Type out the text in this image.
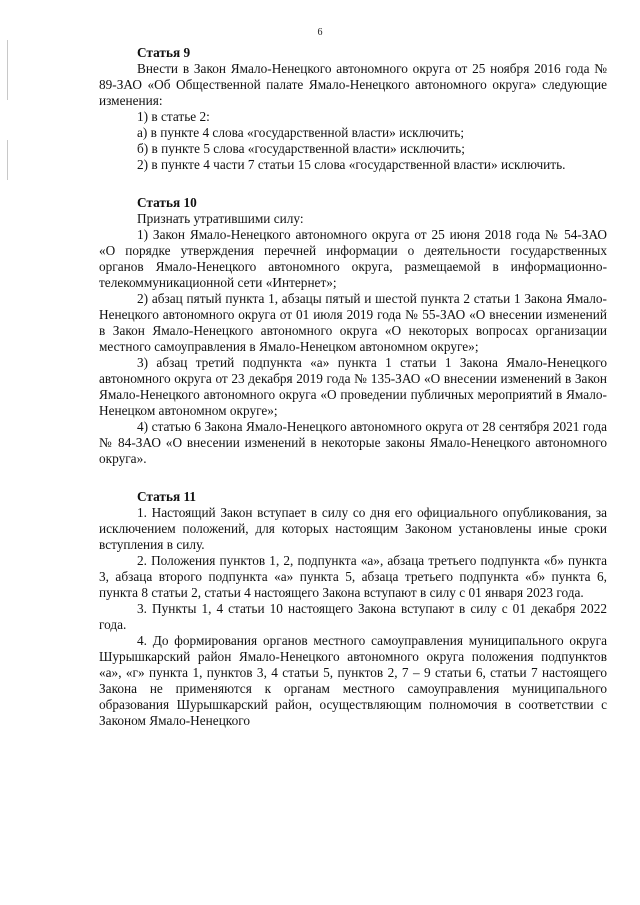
6

Статья 9

Внести в Закон Ямало-Ненецкого автономного округа от 25 ноября 2016 года № 89-ЗАО «Об Общественной палате Ямало-Ненецкого автономного округа» следующие изменения:

1) в статье 2:

а) в пункте 4 слова «государственной власти» исключить;

б) в пункте 5 слова «государственной власти» исключить;

2) в пункте 4 части 7 статьи 15 слова «государственной власти» исключить.

Статья 10

Признать утратившими силу:

1) Закон Ямало-Ненецкого автономного округа от 25 июня 2018 года № 54-ЗАО «О порядке утверждения перечней информации о деятельности государственных органов Ямало-Ненецкого автономного округа, размещаемой в информационно-телекоммуникационной сети «Интернет»;

2) абзац пятый пункта 1, абзацы пятый и шестой пункта 2 статьи 1 Закона Ямало-Ненецкого автономного округа от 01 июля 2019 года № 55-ЗАО «О внесении изменений в Закон Ямало-Ненецкого автономного округа «О некоторых вопросах организации местного самоуправления в Ямало-Ненецком автономном округе»;

3) абзац третий подпункта «а» пункта 1 статьи 1 Закона Ямало-Ненецкого автономного округа от 23 декабря 2019 года № 135-ЗАО «О внесении изменений в Закон Ямало-Ненецкого автономного округа «О проведении публичных мероприятий в Ямало-Ненецком автономном округе»;

4) статью 6 Закона Ямало-Ненецкого автономного округа от 28 сентября 2021 года № 84-ЗАО «О внесении изменений в некоторые законы Ямало-Ненецкого автономного округа».

Статья 11

1. Настоящий Закон вступает в силу со дня его официального опубликования, за исключением положений, для которых настоящим Законом установлены иные сроки вступления в силу.

2. Положения пунктов 1, 2, подпункта «а», абзаца третьего подпункта «б» пункта 3, абзаца второго подпункта «а» пункта 5, абзаца третьего подпункта «б» пункта 6, пункта 8 статьи 2, статьи 4 настоящего Закона вступают в силу с 01 января 2023 года.

3. Пункты 1, 4 статьи 10 настоящего Закона вступают в силу с 01 декабря 2022 года.

4. До формирования органов местного самоуправления муниципального округа Шурышкарский район Ямало-Ненецкого автономного округа положения подпунктов «а», «г» пункта 1, пунктов 3, 4 статьи 5, пунктов 2, 7 – 9 статьи 6, статьи 7 настоящего Закона не применяются к органам местного самоуправления муниципального образования Шурышкарский район, осуществляющим полномочия в соответствии с Законом Ямало-Ненецкого
